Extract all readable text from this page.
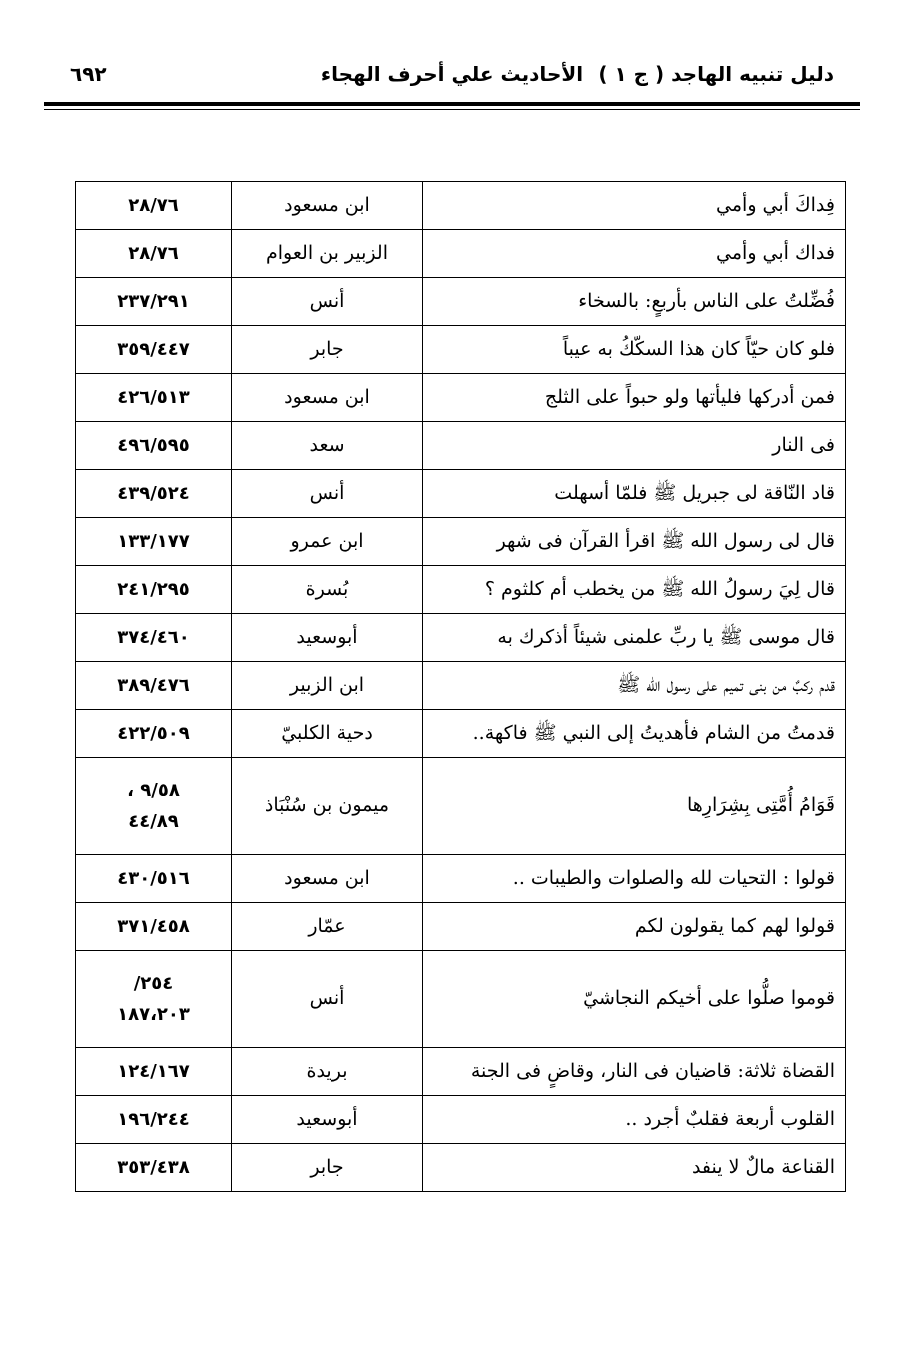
دليل تنبيه الهاجد ( ج ١ )
الأحاديث علي أحرف الهجاء
٦٩٢
فِداكَ أبي وأمي	ابن مسعود	٢٨/٧٦

فداك أبي وأمي	الزبير بن العوام	٢٨/٧٦

فُضِّلتُ على الناس بأربعٍ: بالسخاء	أنس	٢٣٧/٢٩١

فلو كان حيّاً كان هذا السكّكُ به عيباً	جابر	٣٥٩/٤٤٧

فمن أدركها فليأتها ولو حبواً على الثلج	ابن مسعود	٤٢٦/٥١٣

فى النار	سعد	٤٩٦/٥٩٥

قاد النّاقة لى جبريل ﷺ فلمّا أسهلت	أنس	٤٣٩/٥٢٤

قال لى رسول الله ﷺ اقرأ القرآن فى شهر	ابن عمرو	١٣٣/١٧٧

قال لِيَ رسولُ الله ﷺ من يخطب أم كلثوم ؟	بُسرة	٢٤١/٢٩٥

قال موسى ﷺ يا ربِّ علمنى شيئاً أذكرك به	أبوسعيد	٣٧٤/٤٦٠

قدم ركبٌ من بنى تميم على رسول الله ﷺ	ابن الزبير	٣٨٩/٤٧٦

قدمتُ من الشام فأهديتُ إلى النبي ﷺ فاكهة..	دحية الكلبيّ	٤٢٢/٥٠٩

قَوَامُ أُمَّتِى بِشِرَارِها	ميمون بن سُنْبَاذ	٩/٥٨ ،
٤٤/٨٩

قولوا : التحيات لله والصلوات والطيبات ..	ابن مسعود	٤٣٠/٥١٦

قولوا لهم كما يقولون لكم	عمّار	٣٧١/٤٥٨

قوموا صلُّوا على أخيكم النجاشيّ	أنس	٢٥٤/
١٨٧،٢٠٣

القضاة ثلاثة: قاضيان فى النار، وقاضٍ فى الجنة	بريدة	١٢٤/١٦٧

القلوب أربعة فقلبٌ أجرد ..	أبوسعيد	١٩٦/٢٤٤

القناعة مالٌ لا ينفد	جابر	٣٥٣/٤٣٨
